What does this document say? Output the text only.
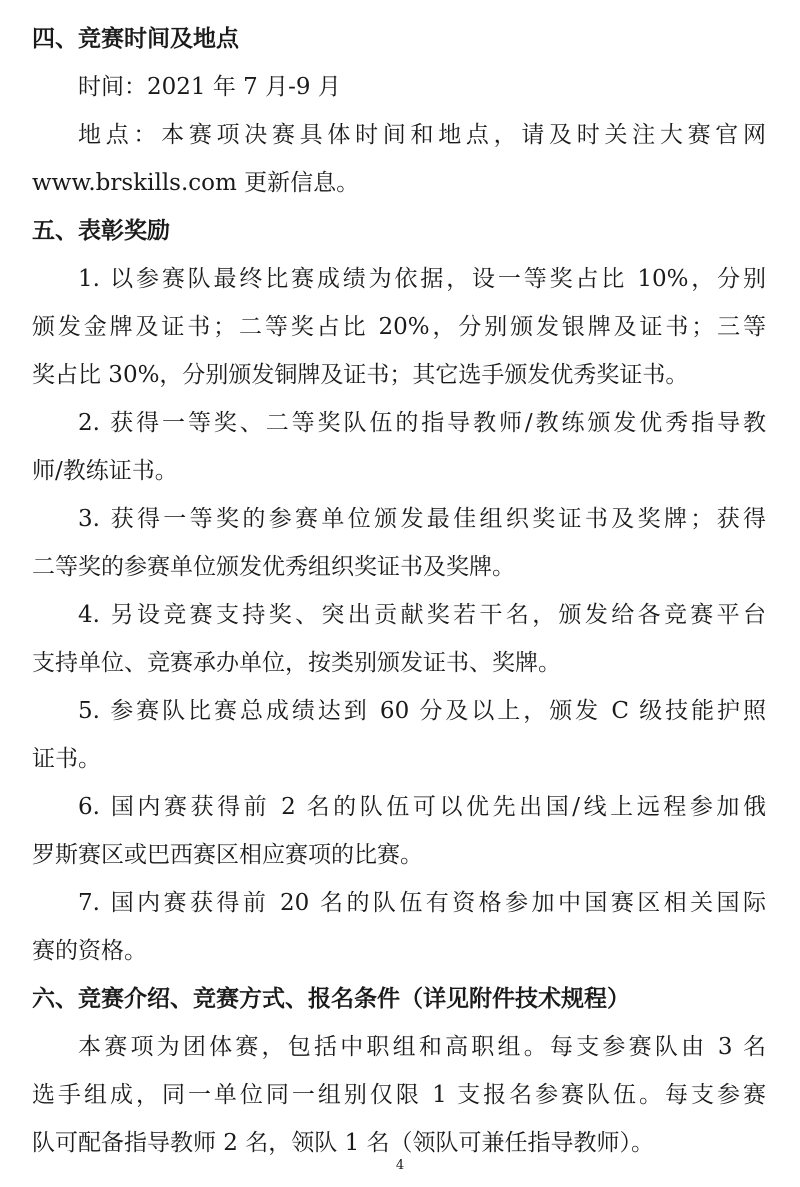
四、竞赛时间及地点
时间：2021 年 7 月-9 月
地点：本赛项决赛具体时间和地点，请及时关注大赛官网
www.brskills.com 更新信息。
五、表彰奖励
1. 以参赛队最终比赛成绩为依据，设一等奖占比 10%，分别
颁发金牌及证书；二等奖占比 20%，分别颁发银牌及证书；三等
奖占比 30%，分别颁发铜牌及证书；其它选手颁发优秀奖证书。
2. 获得一等奖、二等奖队伍的指导教师/教练颁发优秀指导教
师/教练证书。
3. 获得一等奖的参赛单位颁发最佳组织奖证书及奖牌；获得
二等奖的参赛单位颁发优秀组织奖证书及奖牌。
4. 另设竞赛支持奖、突出贡献奖若干名，颁发给各竞赛平台
支持单位、竞赛承办单位，按类别颁发证书、奖牌。
5. 参赛队比赛总成绩达到 60 分及以上，颁发 C 级技能护照
证书。
6. 国内赛获得前 2 名的队伍可以优先出国/线上远程参加俄
罗斯赛区或巴西赛区相应赛项的比赛。
7. 国内赛获得前 20 名的队伍有资格参加中国赛区相关国际
赛的资格。
六、竞赛介绍、竞赛方式、报名条件（详见附件技术规程）
本赛项为团体赛，包括中职组和高职组。每支参赛队由 3 名
选手组成，同一单位同一组别仅限 1 支报名参赛队伍。每支参赛
队可配备指导教师 2 名，领队 1 名（领队可兼任指导教师）。
4
